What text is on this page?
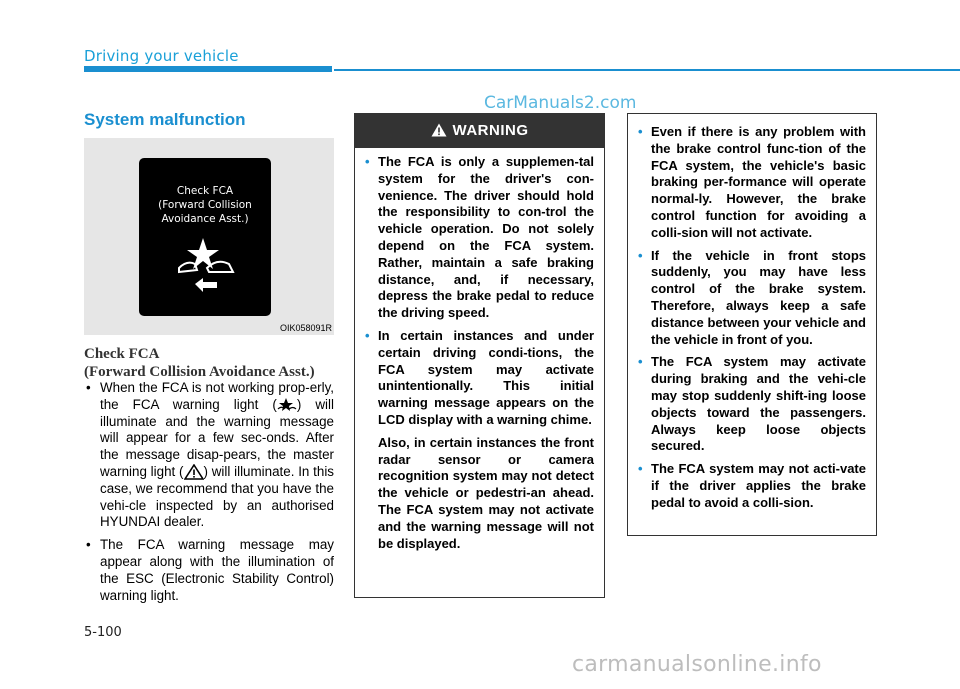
Driving your vehicle
CarManuals2.com
System malfunction
Check FCA
(Forward Collision
Avoidance Asst.)
OIK058091R
Check FCA
(Forward Collision Avoidance Asst.)
• When the FCA is not working prop-erly, the FCA warning light ( ) will illuminate and the warning message will appear for a few sec-onds. After the message disap-pears, the master warning light ( ) will illuminate. In this case, we recommend that you have the vehi-cle inspected by an authorised HYUNDAI dealer.
• The FCA warning message may appear along with the illumination of the ESC (Electronic Stability Control) warning light.
WARNING
• The FCA is only a supplemen-tal system for the driver's con-venience. The driver should hold the responsibility to con-trol the vehicle operation. Do not solely depend on the FCA system. Rather, maintain a safe braking distance, and, if necessary, depress the brake pedal to reduce the driving speed.
• In certain instances and under certain driving condi-tions, the FCA system may activate unintentionally. This initial warning message appears on the LCD display with a warning chime.
Also, in certain instances the front radar sensor or camera recognition system may not detect the vehicle or pedestri-an ahead. The FCA system may not activate and the warning message will not be displayed.
• Even if there is any problem with the brake control func-tion of the FCA system, the vehicle's basic braking per-formance will operate normal-ly. However, the brake control function for avoiding a colli-sion will not activate.
• If the vehicle in front stops suddenly, you may have less control of the brake system. Therefore, always keep a safe distance between your vehicle and the vehicle in front of you.
• The FCA system may activate during braking and the vehi-cle may stop suddenly shift-ing loose objects toward the passengers. Always keep loose objects secured.
• The FCA system may not acti-vate if the driver applies the brake pedal to avoid a colli-sion.
5-100
carmanualsonline.info
